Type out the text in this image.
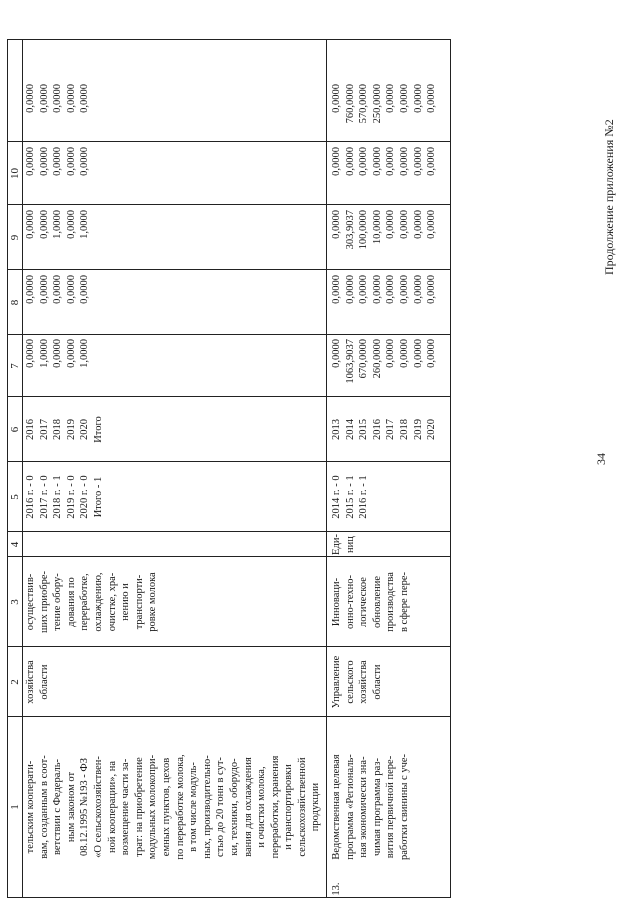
34
Продолжение приложения №2
1
2
3
4
5
6
7
8
9
10
тельским кооперати- вам, созданным в соот- ветствии с Федераль- ным законом от 08.12.1995 №193 - ФЗ «О сельскохозяйствен- ной кооперации», на возмещение части за- трат: на приобретение модульных молокопри- емных пунктов, цехов по переработке молока, в том числе модуль- ных, производительно- стью до 20 тонн в сут- ки, техники, оборудо- вания для охлаждения и очистки молока, переработки, хранения и транспортировки сельскохозяйственной продукции
хозяйства области
осуществив- ших приобре- тение обору- дования по переработке, охлаждению, очистке, хра- нению и транспорти- ровке молока
2016 г. - 0 2017 г. - 0 2018 г. - 1 2019 г. - 0 2020 г. - 0 Итого - 1
2016 2017 2018 2019 2020 Итого
0,0000 1,0000 0,0000 0,0000 1,0000
0,0000 0,0000 0,0000 0,0000 0,0000
0,0000 0,0000 1,0000 0,0000 1,0000
0,0000 0,0000 0,0000 0,0000 0,0000
0,0000 0,0000 0,0000 0,0000 0,0000
13.
Ведомственная целевая программа «Региональ- ная экономически зна- чимая программа раз- вития первичной пере- работки свинины с уче-
Управление сельского хозяйства области
Инноваци- онно-техно- логическое обновление производства в сфере пере-
Еди- ниц
2014 г. - 0 2015 г. - 1 2016 г. - 1
2013 2014 2015 2016 2017 2018 2019 2020
0,0000 1063,9037 670,0000 260,0000 0,0000 0,0000 0,0000 0,0000
0,0000 0,0000 0,0000 0,0000 0,0000 0,0000 0,0000 0,0000
0,0000 303,9037 100,0000 10,0000 0,0000 0,0000 0,0000 0,0000
0,0000 0,0000 0,0000 0,0000 0,0000 0,0000 0,0000 0,0000
0,0000 760,0000 570,0000 250,0000 0,0000 0,0000 0,0000 0,0000
